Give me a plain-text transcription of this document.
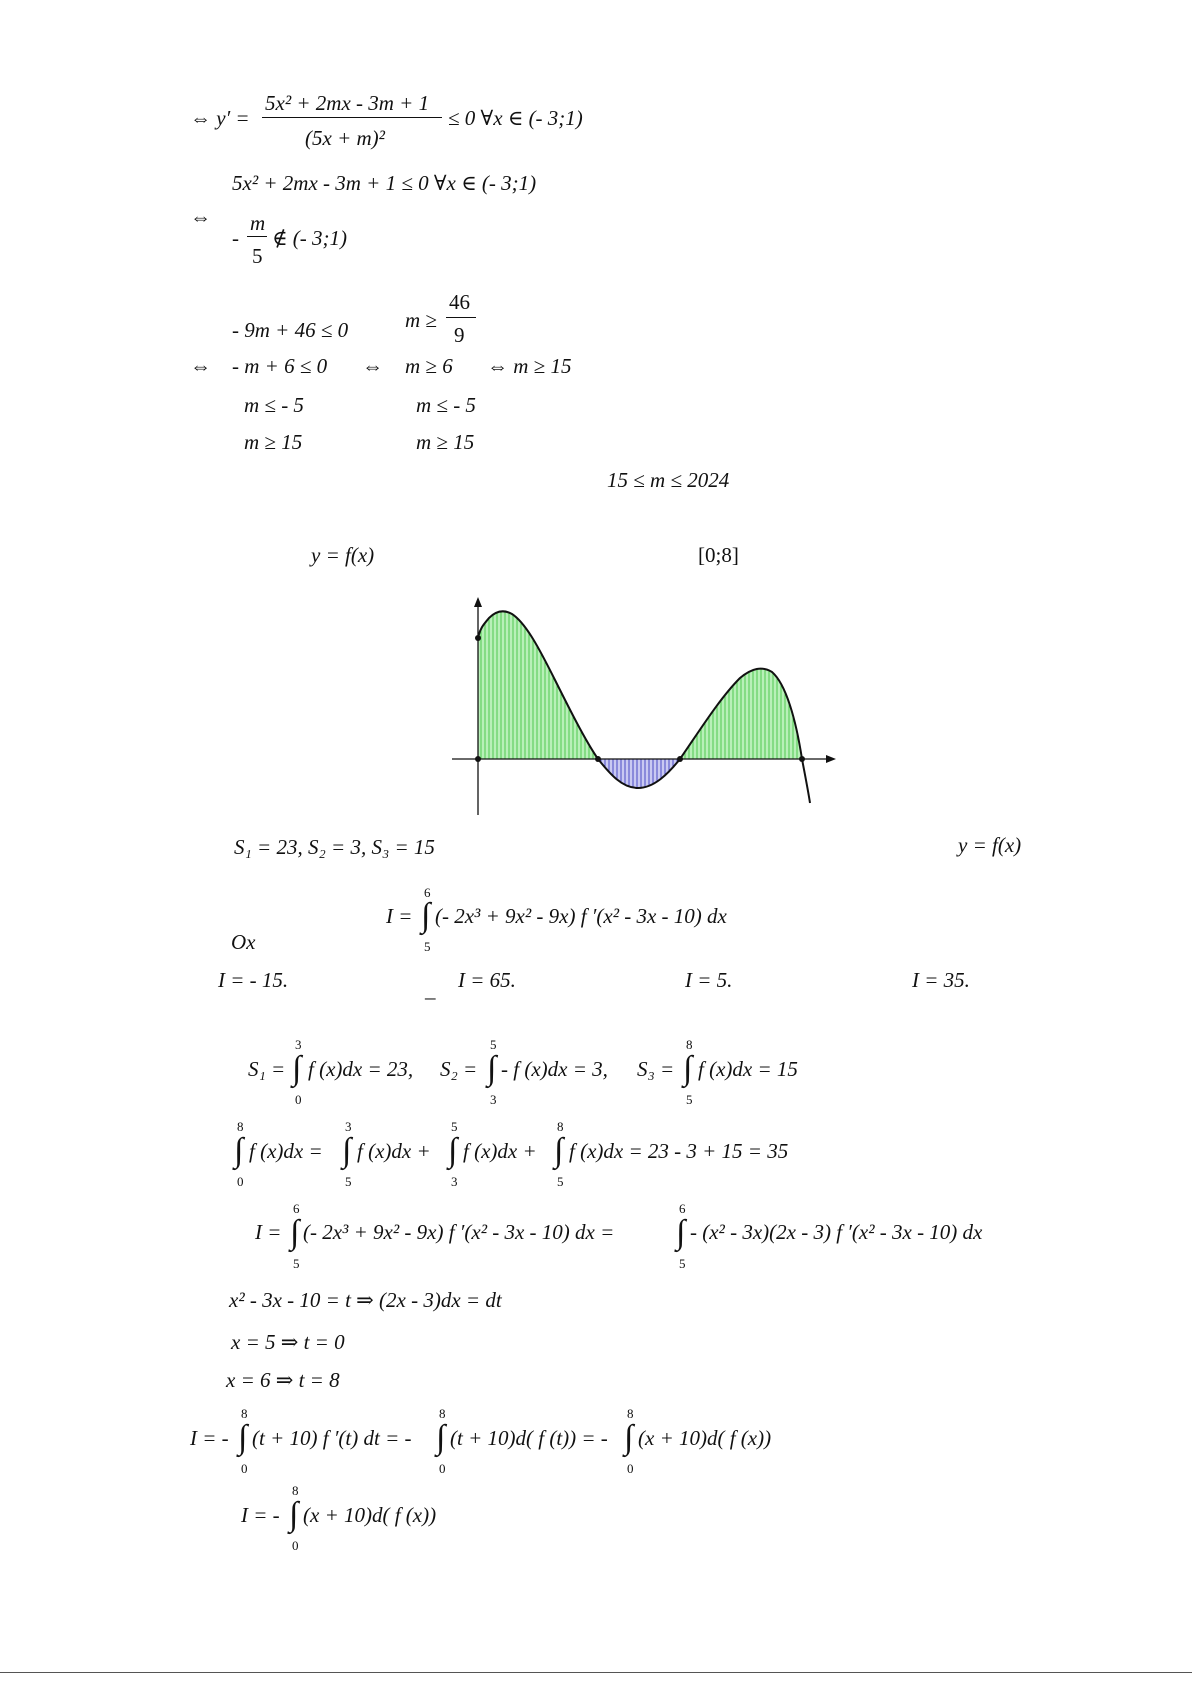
⇔ y′ =
5x² + 2mx - 3m + 1
(5x + m)²
≤ 0 ∀x ∈ (- 3;1)
⇔
5x² + 2mx - 3m + 1 ≤ 0 ∀x ∈ (- 3;1)
-
m
5
∉ (- 3;1)
⇔
- 9m + 46 ≤ 0
- m + 6 ≤ 0
m ≤ - 5
m ≥ 15
⇔
m ≥
46
9
m ≥ 6
m ≤ - 5
m ≥ 15
⇔ m ≥ 15
15 ≤ m ≤ 2024
y = f(x)	[0;8]
S₁ = 23, S₂ = 3, S₃ = 15	y = f(x)
I =
6
∫
5
(- 2x³ + 9x² - 9x) f ′(x² - 3x - 10) dx
Ox
I = - 15.	_ I = 65.	I = 5.	I = 35.
S₁ =
3
∫
0
f (x)dx = 23, S₂ =
5
∫
3
- f (x)dx = 3, S₃ =
8
∫
5
f (x)dx = 15
8
∫
0
f (x)dx =
3
∫
5
f (x)dx +
5
∫
3
f (x)dx +
8
∫
5
f (x)dx = 23 - 3 + 15 = 35
I =
6
∫
5
(- 2x³ + 9x² - 9x) f ′(x² - 3x - 10) dx =
6
∫
5
- (x² - 3x)(2x - 3) f ′(x² - 3x - 10) dx
x² - 3x - 10 = t ⇒ (2x - 3)dx = dt
x = 5 ⇒ t = 0
x = 6 ⇒ t = 8
I = -
8
∫
0
(t + 10) f ′(t) dt = -
8
∫
0
(t + 10)d( f (t)) = -
8
∫
0
(x + 10)d( f (x))
I = -
8
∫
0
(x + 10)d( f (x))
